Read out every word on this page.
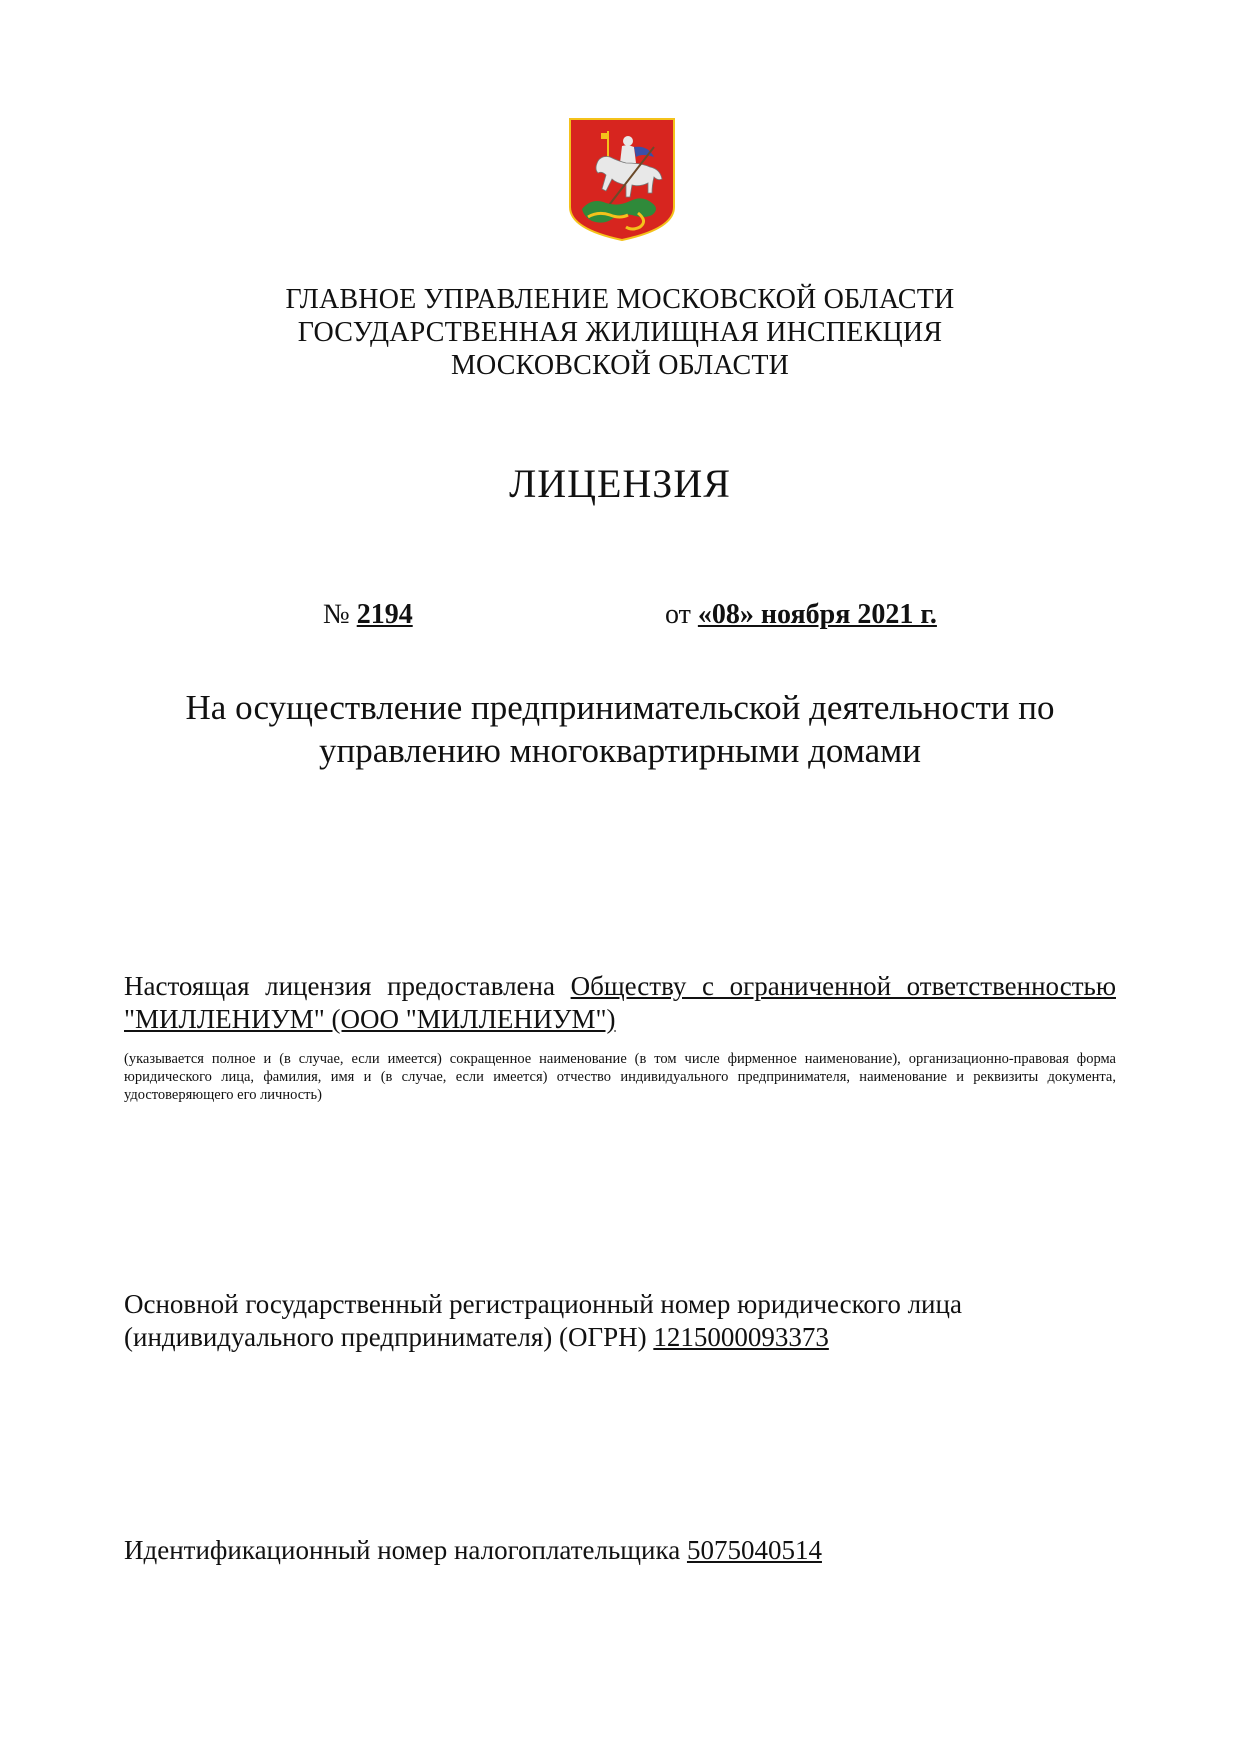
ГЛАВНОЕ УПРАВЛЕНИЕ МОСКОВСКОЙ ОБЛАСТИ
ГОСУДАРСТВЕННАЯ ЖИЛИЩНАЯ ИНСПЕКЦИЯ
МОСКОВСКОЙ ОБЛАСТИ
ЛИЦЕНЗИЯ
№ 2194	от «08» ноября 2021 г.
На осуществление предпринимательской деятельности по
управлению многоквартирными домами
Настоящая лицензия предоставлена Обществу с ограниченной ответственностью "МИЛЛЕНИУМ" (ООО "МИЛЛЕНИУМ")
(указывается полное и (в случае, если имеется) сокращенное наименование (в том числе фирменное наименование), организационно-правовая форма юридического лица, фамилия, имя и (в случае, если имеется) отчество индивидуального предпринимателя, наименование и реквизиты документа, удостоверяющего его личность)
Основной государственный регистрационный номер юридического лица (индивидуального предпринимателя) (ОГРН) 1215000093373
Идентификационный номер налогоплательщика 5075040514
